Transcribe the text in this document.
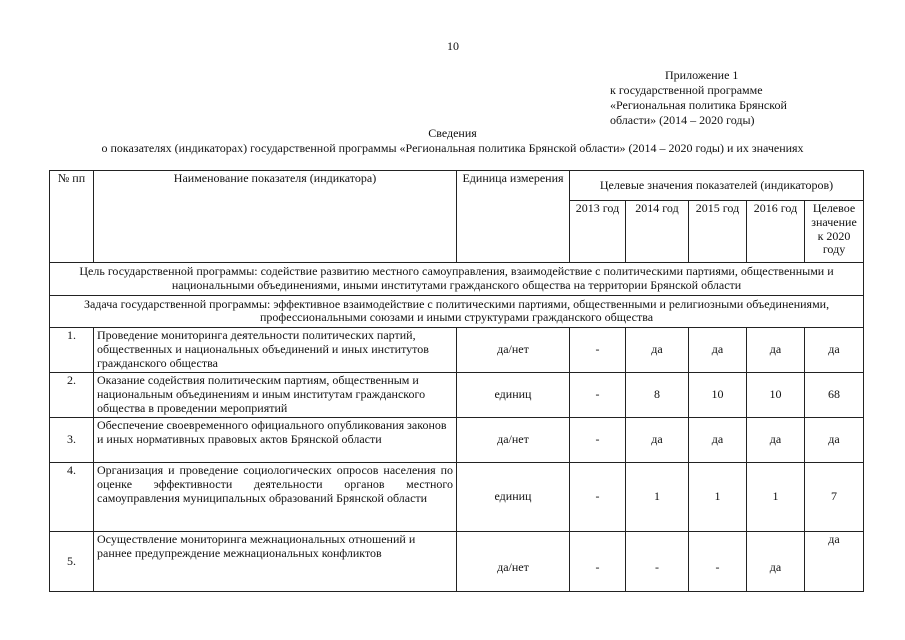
10
Приложение 1
к государственной программе
«Региональная политика Брянской
области» (2014 – 2020 годы)
Сведения
о показателях (индикаторах) государственной программы «Региональная политика Брянской области» (2014 – 2020 годы) и их значениях
№ пп	Наименование показателя (индикатора)	Единица измерения	Целевые значения показателей (индикаторов)				
			2013 год	2014 год	2015 год	2016 год	Целевое значение к 2020 году
Цель государственной программы: содействие развитию местного самоуправления, взаимодействие с политическими партиями, общественными и национальными объединениями, иными институтами гражданского общества на территории Брянской области							
Задача государственной программы: эффективное взаимодействие с политическими партиями, общественными и религиозными объединениями, профессиональными союзами и иными структурами гражданского общества							
1.	Проведение мониторинга деятельности политических партий, общественных и национальных объединений и иных институтов гражданского общества	да/нет	-	да	да	да	да
2.	Оказание содействия политическим партиям, общественным и национальным объединениям и иным институтам гражданского общества в проведении мероприятий	единиц	-	8	10	10	68
3.	Обеспечение своевременного официального опубликования законов и иных нормативных правовых актов Брянской области	да/нет	-	да	да	да	да
4.	Организация и проведение социологических опросов населения по оценке эффективности деятельности органов местного самоуправления муниципальных образований Брянской области	единиц	-	1	1	1	7
5.	Осуществление мониторинга межнациональных отношений и раннее предупреждение межнациональных конфликтов	да/нет	-	-	-	да	да
